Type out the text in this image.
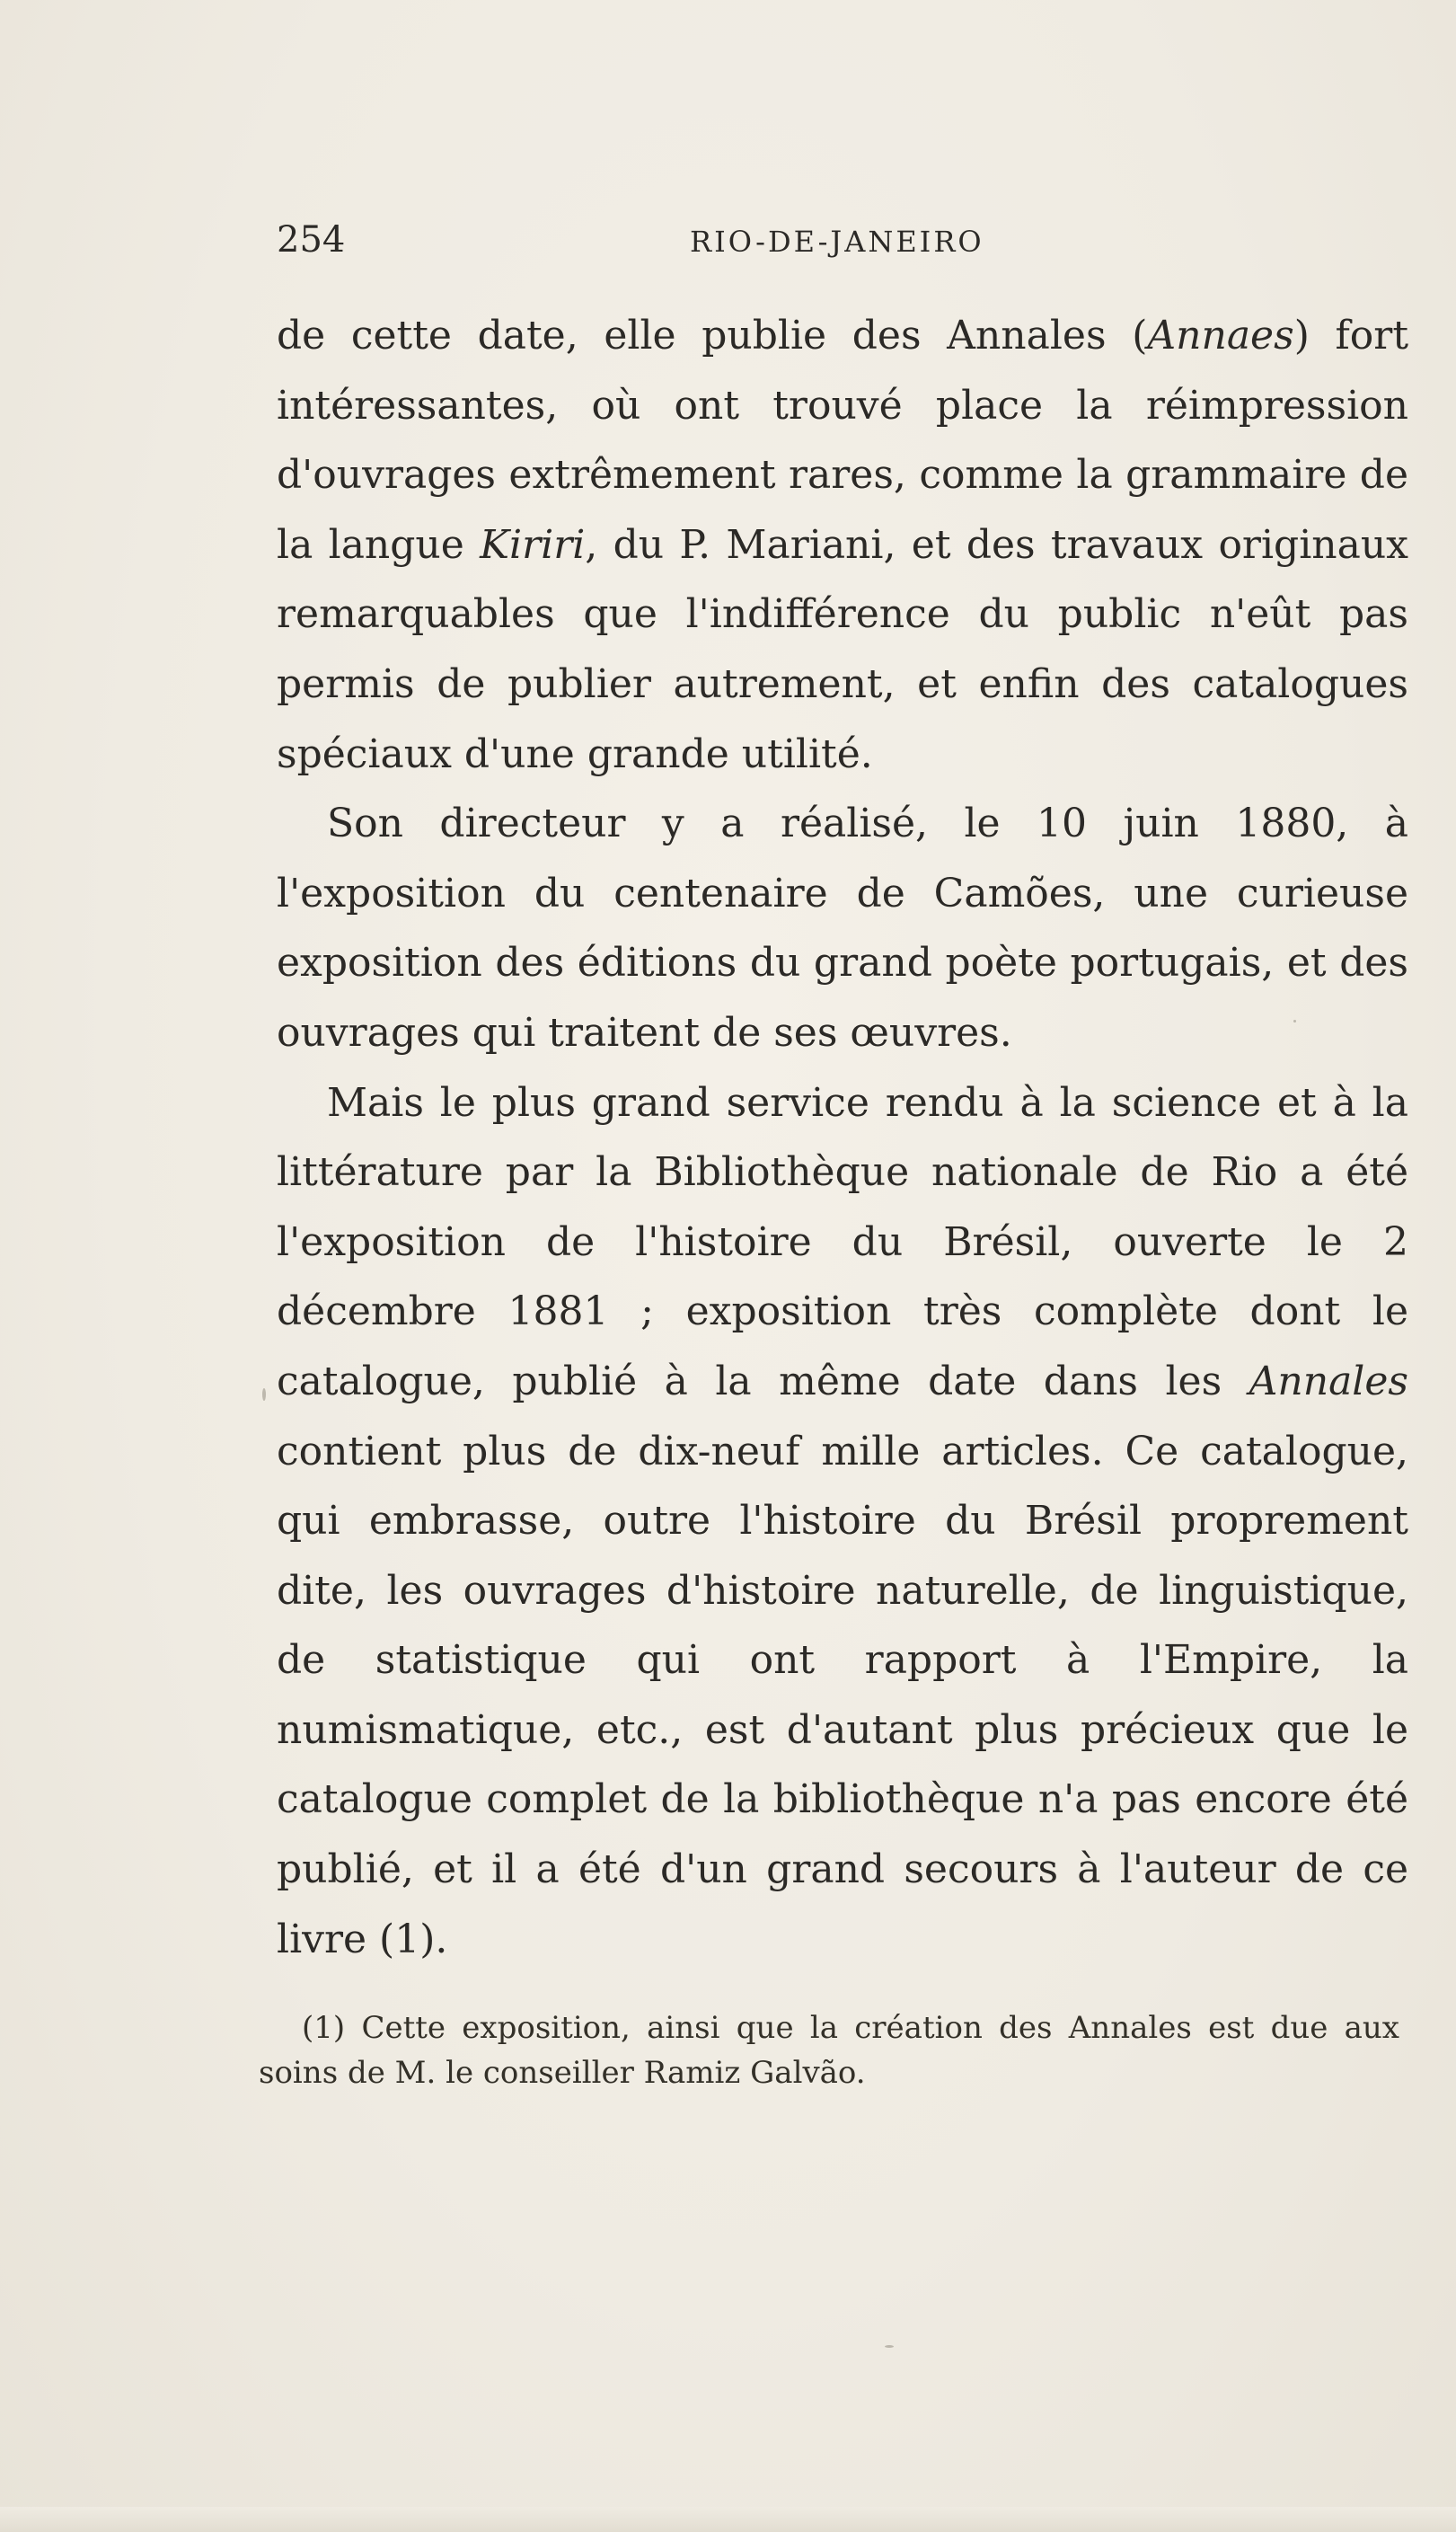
254	RIO-DE-JANEIRO

de cette date, elle publie des Annales (Annaes) fort intéressantes, où ont trouvé place la réimpression d'ouvrages extrêmement rares, comme la grammaire de la langue Kiriri, du P. Mariani, et des travaux originaux remarquables que l'indifférence du public n'eût pas permis de publier autrement, et enfin des catalogues spéciaux d'une grande utilité.

Son directeur y a réalisé, le 10 juin 1880, à l'exposition du centenaire de Camões, une curieuse exposition des éditions du grand poète portugais, et des ouvrages qui traitent de ses œuvres.

Mais le plus grand service rendu à la science et à la littérature par la Bibliothèque nationale de Rio a été l'exposition de l'histoire du Brésil, ouverte le 2 décembre 1881 ; exposition très complète dont le catalogue, publié à la même date dans les Annales contient plus de dix-neuf mille articles. Ce catalogue, qui embrasse, outre l'histoire du Brésil proprement dite, les ouvrages d'histoire naturelle, de linguistique, de statistique qui ont rapport à l'Empire, la numismatique, etc., est d'autant plus précieux que le catalogue complet de la bibliothèque n'a pas encore été publié, et il a été d'un grand secours à l'auteur de ce livre (1).

(1) Cette exposition, ainsi que la création des Annales est due aux soins de M. le conseiller Ramiz Galvão.
